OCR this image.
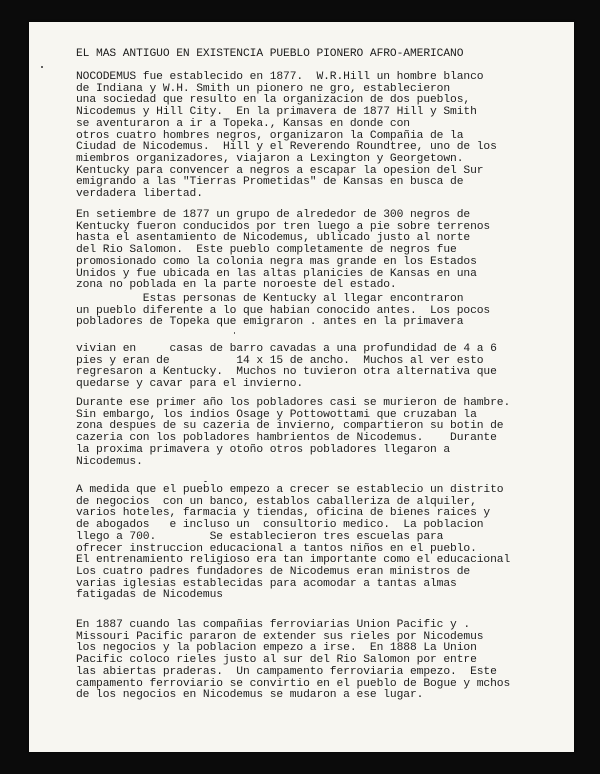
EL MAS ANTIGUO EN EXISTENCIA PUEBLO PIONERO AFRO-AMERICANO
NOCODEMUS fue establecido en 1877.  W.R.Hill un hombre blanco
de Indiana y W.H. Smith un pionero ne gro, establecieron
una sociedad que resulto en la organizacion de dos pueblos,
Nicodemus y Hill City.  En la primavera de 1877 Hill y Smith
se aventuraron a ir a Topeka., Kansas en donde con
otros cuatro hombres negros, organizaron la Compañia de la
Ciudad de Nicodemus.  Hill y el Reverendo Roundtree, uno de los
miembros organizadores, viajaron a Lexington y Georgetown.
Kentucky para convencer a negros a escapar la opesion del Sur
emigrando a las "Tierras Prometidas" de Kansas en busca de
verdadera libertad.
En setiembre de 1877 un grupo de alrededor de 300 negros de
Kentucky fueron conducidos por tren luego a pie sobre terrenos
hasta el asentamiento de Nicodemus, ublicado justo al norte
del Rio Salomon.  Este pueblo completamente de negros fue
promosionado como la colonia negra mas grande en los Estados
Unidos y fue ubicada en las altas planicies de Kansas en una
zona no poblada en la parte noroeste del estado.
Estas personas de Kentucky al llegar encontraron
un pueblo diferente a lo que habian conocido antes.  Los pocos
pobladores de Topeka que emigraron . antes en la primavera
vivian en     casas de barro cavadas a una profundidad de 4 a 6
pies y eran de          14 x 15 de ancho.  Muchos al ver esto
regresaron a Kentucky.  Muchos no tuvieron otra alternativa que
quedarse y cavar para el invierno.
Durante ese primer año los pobladores casi se murieron de hambre.
Sin embargo, los indios Osage y Pottowottami que cruzaban la
zona despues de su cazeria de invierno, compartieron su botin de
cazeria con los pobladores hambrientos de Nicodemus.    Durante
la proxima primavera y otoño otros pobladores llegaron a
Nicodemus.
A medida que el pueblo empezo a crecer se establecio un distrito
de negocios  con un banco, establos caballeriza de alquiler,
varios hoteles, farmacia y tiendas, oficina de bienes raices y
de abogados   e incluso un  consultorio medico.  La poblacion
llego a 700.        Se establecieron tres escuelas para
ofrecer instruccion educacional a tantos niños en el pueblo.
El entrenamiento religioso era tan importante como el educacional
Los cuatro padres fundadores de Nicodemus eran ministros de
varias iglesias establecidas para acomodar a tantas almas
fatigadas de Nicodemus
En 1887 cuando las compañias ferroviarias Union Pacific y .
Missouri Pacific pararon de extender sus rieles por Nicodemus
los negocios y la poblacion empezo a irse.  En 1888 La Union
Pacific coloco rieles justo al sur del Rio Salomon por entre
las abiertas praderas.  Un campamento ferroviaria empezo.  Este
campamento ferroviario se convirtio en el pueblo de Bogue y mchos
de los negocios en Nicodemus se mudaron a ese lugar.
